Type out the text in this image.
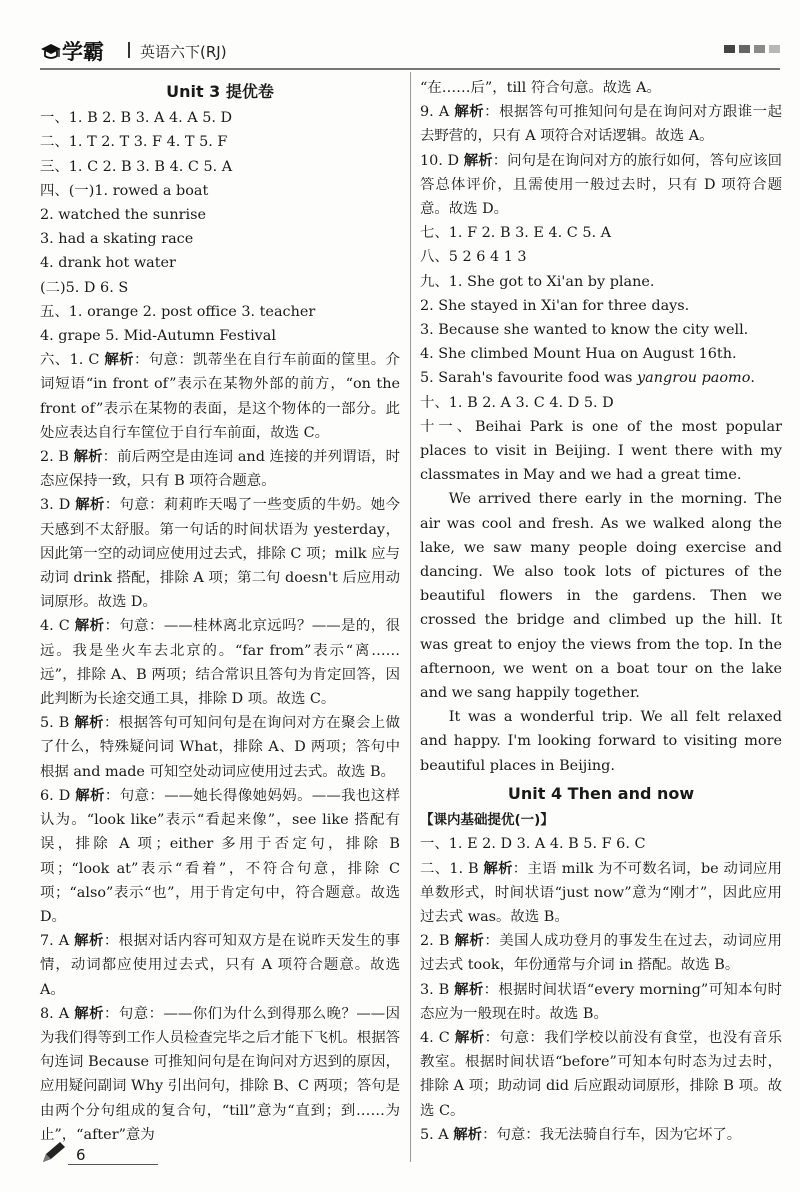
学霸 英语六下(RJ)
Unit 3 提优卷
一、1. B 2. B 3. A 4. A 5. D
二、1. T 2. T 3. F 4. T 5. F
三、1. C 2. B 3. B 4. C 5. A
四、(一)1. rowed a boat
2. watched the sunrise
3. had a skating race
4. drank hot water
(二)5. D 6. S
五、1. orange 2. post office 3. teacher
4. grape 5. Mid-Autumn Festival
六、1. C 解析：句意：凯蒂坐在自行车前面的筐里。介词短语“in front of”表示在某物外部的前方，“on the front of”表示在某物的表面，是这个物体的一部分。此处应表达自行车筐位于自行车前面，故选 C。
2. B 解析：前后两空是由连词 and 连接的并列谓语，时态应保持一致，只有 B 项符合题意。
3. D 解析：句意：莉莉昨天喝了一些变质的牛奶。她今天感到不太舒服。第一句话的时间状语为 yesterday，因此第一空的动词应使用过去式，排除 C 项；milk 应与动词 drink 搭配，排除 A 项；第二句 doesn't 后应用动词原形。故选 D。
4. C 解析：句意：——桂林离北京远吗？——是的，很远。我是坐火车去北京的。“far from”表示“离……远”，排除 A、B 两项；结合常识且答句为肯定回答，因此判断为长途交通工具，排除 D 项。故选 C。
5. B 解析：根据答句可知问句是在询问对方在聚会上做了什么，特殊疑问词 What，排除 A、D 两项；答句中根据 and made 可知空处动词应使用过去式。故选 B。
6. D 解析：句意：——她长得像她妈妈。——我也这样认为。“look like”表示“看起来像”，see like 搭配有误，排除 A 项；either 多用于否定句，排除 B 项；“look at”表示“看着”，不符合句意，排除 C 项；“also”表示“也”，用于肯定句中，符合题意。故选 D。
7. A 解析：根据对话内容可知双方是在说昨天发生的事情，动词都应使用过去式，只有 A 项符合题意。故选 A。
8. A 解析：句意：——你们为什么到得那么晚？——因为我们得等到工作人员检查完毕之后才能下飞机。根据答句连词 Because 可推知问句是在询问对方迟到的原因，应用疑问副词 Why 引出问句，排除 B、C 两项；答句是由两个分句组成的复合句，“till”意为“直到；到……为止”，“after”意为
“在……后”，till 符合句意。故选 A。
9. A 解析：根据答句可推知问句是在询问对方跟谁一起去野营的，只有 A 项符合对话逻辑。故选 A。
10. D 解析：问句是在询问对方的旅行如何，答句应该回答总体评价，且需使用一般过去时，只有 D 项符合题意。故选 D。
七、1. F 2. B 3. E 4. C 5. A
八、5 2 6 4 1 3
九、1. She got to Xi'an by plane.
2. She stayed in Xi'an for three days.
3. Because she wanted to know the city well.
4. She climbed Mount Hua on August 16th.
5. Sarah's favourite food was yangrou paomo.
十、1. B 2. A 3. C 4. D 5. D
十一、Beihai Park is one of the most popular places to visit in Beijing. I went there with my classmates in May and we had a great time.
We arrived there early in the morning. The air was cool and fresh. As we walked along the lake, we saw many people doing exercise and dancing. We also took lots of pictures of the beautiful flowers in the gardens. Then we crossed the bridge and climbed up the hill. It was great to enjoy the views from the top. In the afternoon, we went on a boat tour on the lake and we sang happily together.
It was a wonderful trip. We all felt relaxed and happy. I'm looking forward to visiting more beautiful places in Beijing.
Unit 4 Then and now
【课内基础提优(一)】
一、1. E 2. D 3. A 4. B 5. F 6. C
二、1. B 解析：主语 milk 为不可数名词，be 动词应用单数形式，时间状语“just now”意为“刚才”，因此应用过去式 was。故选 B。
2. B 解析：美国人成功登月的事发生在过去，动词应用过去式 took，年份通常与介词 in 搭配。故选 B。
3. B 解析：根据时间状语“every morning”可知本句时态应为一般现在时。故选 B。
4. C 解析：句意：我们学校以前没有食堂，也没有音乐教室。根据时间状语“before”可知本句时态为过去时，排除 A 项；助动词 did 后应跟动词原形，排除 B 项。故选 C。
5. A 解析：句意：我无法骑自行车，因为它坏了。
6
